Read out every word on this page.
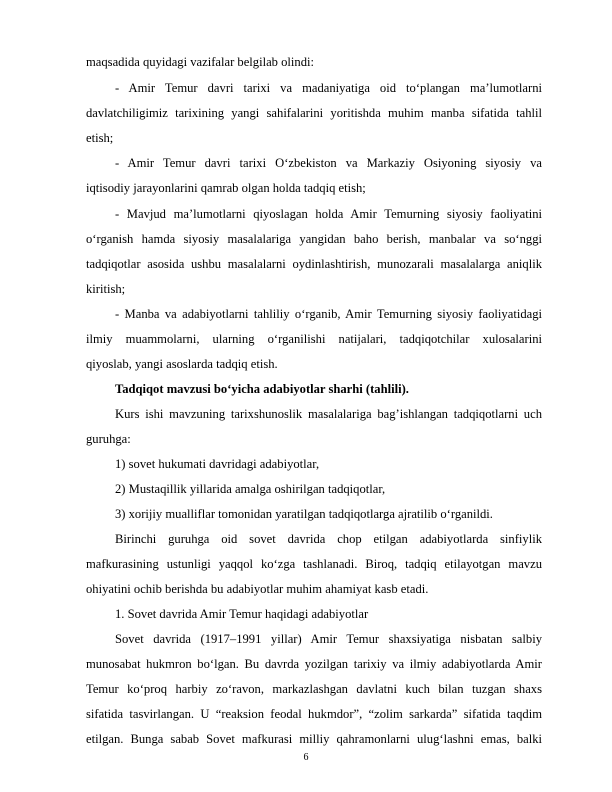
maqsadida quyidagi vazifalar belgilab olindi:
- Amir Temur davri tarixi va madaniyatiga oid to‘plangan ma’lumotlarni
davlatchiligimiz tarixining yangi sahifalarini yoritishda muhim manba sifatida tahlil
etish;
- Amir Temur davri tarixi O‘zbekiston va Markaziy Osiyoning siyosiy va
iqtisodiy jarayonlarini qamrab olgan holda tadqiq etish;
- Mavjud ma’lumotlarni qiyoslagan holda Amir Temurning siyosiy faoliyatini
o‘rganish hamda siyosiy masalalariga yangidan baho berish, manbalar va so‘nggi
tadqiqotlar asosida ushbu masalalarni oydinlashtirish, munozarali masalalarga aniqlik
kiritish;
- Manba va adabiyotlarni tahliliy o‘rganib, Amir Temurning siyosiy faoliyatidagi
ilmiy muammolarni, ularning o‘rganilishi natijalari, tadqiqotchilar xulosalarini
qiyoslab, yangi asoslarda tadqiq etish.
Tadqiqot mavzusi bo‘yicha adabiyotlar sharhi (tahlili).
Kurs ishi mavzuning tarixshunoslik masalalariga bag’ishlangan tadqiqotlarni uch
guruhga:
1) sovet hukumati davridagi adabiyotlar,
2) Mustaqillik yillarida amalga oshirilgan tadqiqotlar,
3) xorijiy mualliflar tomonidan yaratilgan tadqiqotlarga ajratilib o‘rganildi.
Birinchi guruhga oid sovet davrida chop etilgan adabiyotlarda sinfiylik
mafkurasining ustunligi yaqqol ko‘zga tashlanadi. Biroq, tadqiq etilayotgan mavzu
ohiyatini ochib berishda bu adabiyotlar muhim ahamiyat kasb etadi.
1. Sovet davrida Amir Temur haqidagi adabiyotlar
Sovet davrida (1917–1991 yillar) Amir Temur shaxsiyatiga nisbatan salbiy
munosabat hukmron bo‘lgan. Bu davrda yozilgan tarixiy va ilmiy adabiyotlarda Amir
Temur ko‘proq harbiy zo‘ravon, markazlashgan davlatni kuch bilan tuzgan shaxs
sifatida tasvirlangan. U “reaksion feodal hukmdor”, “zolim sarkarda” sifatida taqdim
etilgan. Bunga sabab Sovet mafkurasi milliy qahramonlarni ulug‘lashni emas, balki
6
